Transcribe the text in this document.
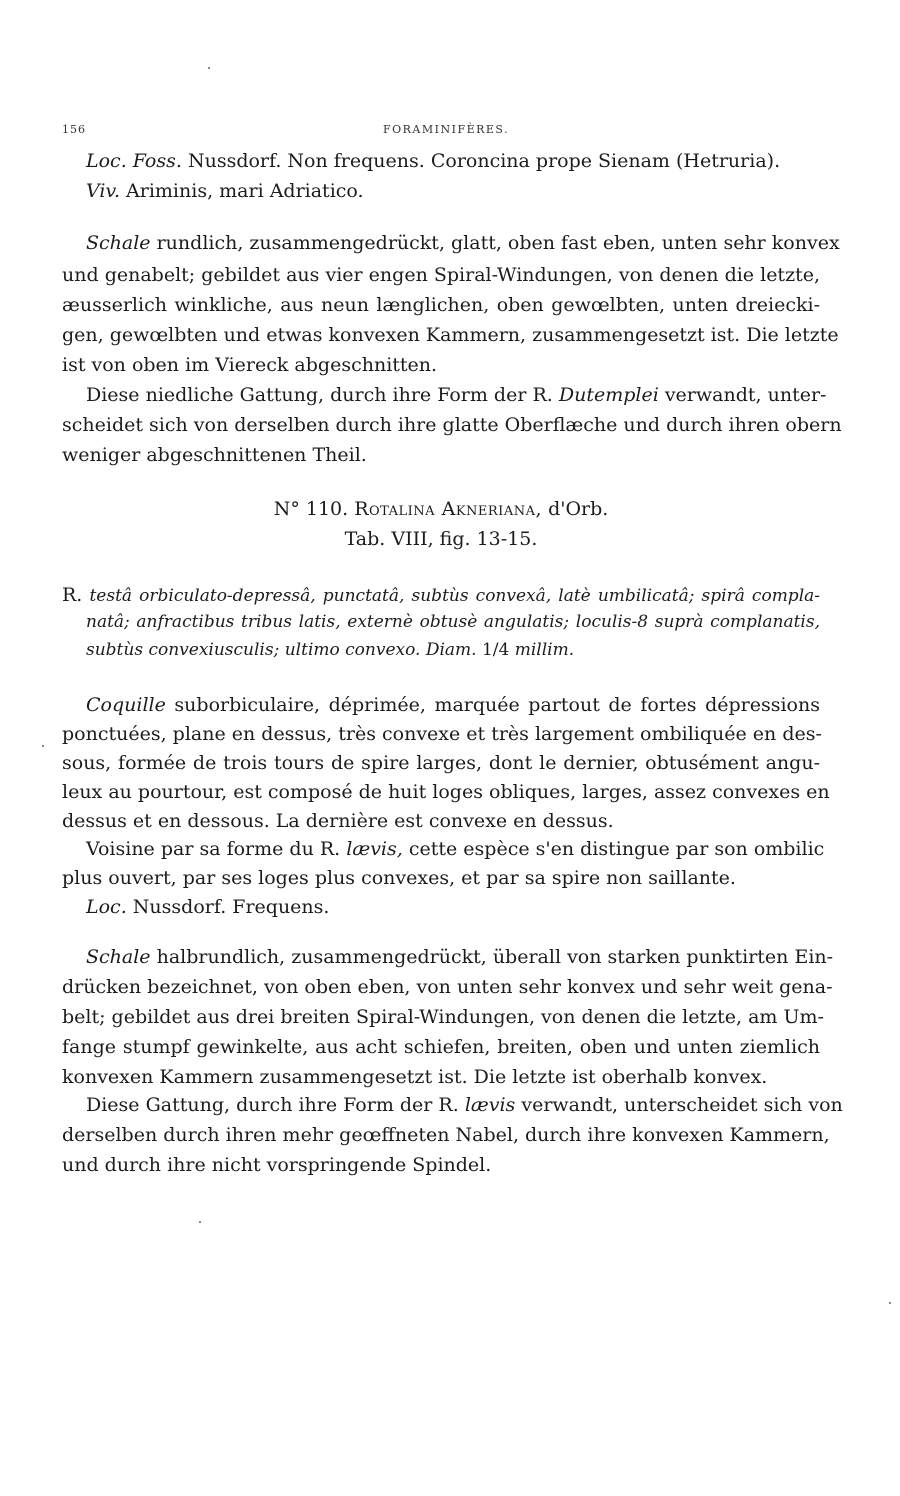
156	FORAMINIFÈRES.
Loc. Foss. Nussdorf. Non frequens. Coroncina prope Sienam (Hetruria).
Viv. Ariminis, mari Adriatico.
Schale rundlich, zusammengedrückt, glatt, oben fast eben, unten sehr konvex
und genabelt; gebildet aus vier engen Spiral-Windungen, von denen die letzte,
æusserlich winkliche, aus neun længlichen, oben gewœlbten, unten dreiecki-
gen, gewœlbten und etwas konvexen Kammern, zusammengesetzt ist. Die letzte
ist von oben im Viereck abgeschnitten.
Diese niedliche Gattung, durch ihre Form der R. Dutemplei verwandt, unter-
scheidet sich von derselben durch ihre glatte Oberflæche und durch ihren obern
weniger abgeschnittenen Theil.
N° 110. Rotalina Akneriana, d'Orb.
Tab. VIII, fig. 13-15.
R. testâ orbiculato-depressâ, punctatâ, subtùs convexâ, latè umbilicatâ; spirâ compla-
natâ; anfractibus tribus latis, externè obtusè angulatis; loculis-8 suprà complanatis,
subtùs convexiusculis; ultimo convexo. Diam. 1/4 millim.
Coquille suborbiculaire, déprimée, marquée partout de fortes dépressions
ponctuées, plane en dessus, très convexe et très largement ombiliquée en des-
sous, formée de trois tours de spire larges, dont le dernier, obtusément angu-
leux au pourtour, est composé de huit loges obliques, larges, assez convexes en
dessus et en dessous. La dernière est convexe en dessus.
Voisine par sa forme du R. lævis, cette espèce s'en distingue par son ombilic
plus ouvert, par ses loges plus convexes, et par sa spire non saillante.
Loc. Nussdorf. Frequens.
Schale halbrundlich, zusammengedrückt, überall von starken punktirten Ein-
drücken bezeichnet, von oben eben, von unten sehr konvex und sehr weit gena-
belt; gebildet aus drei breiten Spiral-Windungen, von denen die letzte, am Um-
fange stumpf gewinkelte, aus acht schiefen, breiten, oben und unten ziemlich
konvexen Kammern zusammengesetzt ist. Die letzte ist oberhalb konvex.
Diese Gattung, durch ihre Form der R. lævis verwandt, unterscheidet sich von
derselben durch ihren mehr geœffneten Nabel, durch ihre konvexen Kammern,
und durch ihre nicht vorspringende Spindel.
